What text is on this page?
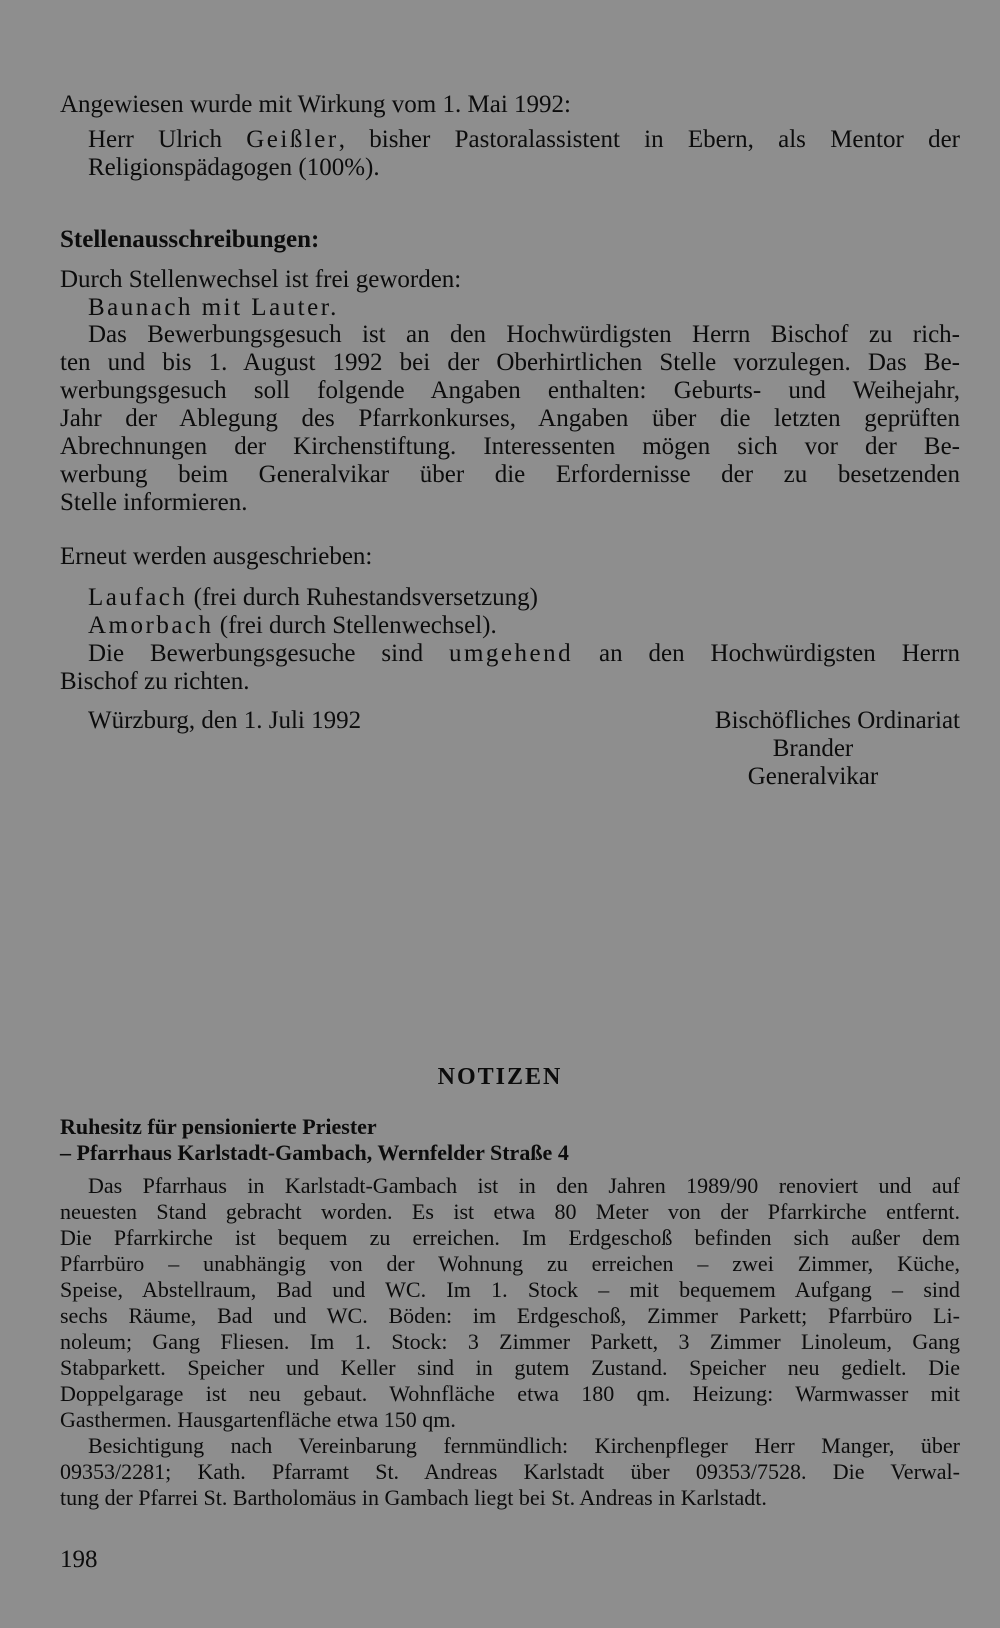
Angewiesen wurde mit Wirkung vom 1. Mai 1992:
Herr Ulrich Geißler, bisher Pastoralassistent in Ebern, als Mentor der
Religionspädagogen (100%).
Stellenausschreibungen:
Durch Stellenwechsel ist frei geworden:
Baunach mit Lauter.
Das Bewerbungsgesuch ist an den Hochwürdigsten Herrn Bischof zu rich-
ten und bis 1. August 1992 bei der Oberhirtlichen Stelle vorzulegen. Das Be-
werbungsgesuch soll folgende Angaben enthalten: Geburts- und Weihejahr,
Jahr der Ablegung des Pfarrkonkurses, Angaben über die letzten geprüften
Abrechnungen der Kirchenstiftung. Interessenten mögen sich vor der Be-
werbung beim Generalvikar über die Erfordernisse der zu besetzenden
Stelle informieren.
Erneut werden ausgeschrieben:
Laufach (frei durch Ruhestandsversetzung)
Amorbach (frei durch Stellenwechsel).
Die Bewerbungsgesuche sind umgehend an den Hochwürdigsten Herrn
Bischof zu richten.
Würzburg, den 1. Juli 1992	Bischöfliches Ordinariat
Brander
Generalvikar
NOTIZEN
Ruhesitz für pensionierte Priester
– Pfarrhaus Karlstadt-Gambach, Wernfelder Straße 4
Das Pfarrhaus in Karlstadt-Gambach ist in den Jahren 1989/90 renoviert und auf
neuesten Stand gebracht worden. Es ist etwa 80 Meter von der Pfarrkirche entfernt.
Die Pfarrkirche ist bequem zu erreichen. Im Erdgeschoß befinden sich außer dem
Pfarrbüro – unabhängig von der Wohnung zu erreichen – zwei Zimmer, Küche,
Speise, Abstellraum, Bad und WC. Im 1. Stock – mit bequemem Aufgang – sind
sechs Räume, Bad und WC. Böden: im Erdgeschoß, Zimmer Parkett; Pfarrbüro Li-
noleum; Gang Fliesen. Im 1. Stock: 3 Zimmer Parkett, 3 Zimmer Linoleum, Gang
Stabparkett. Speicher und Keller sind in gutem Zustand. Speicher neu gedielt. Die
Doppelgarage ist neu gebaut. Wohnfläche etwa 180 qm. Heizung: Warmwasser mit
Gasthermen. Hausgartenfläche etwa 150 qm.
Besichtigung nach Vereinbarung fernmündlich: Kirchenpfleger Herr Manger, über
09353/2281; Kath. Pfarramt St. Andreas Karlstadt über 09353/7528. Die Verwal-
tung der Pfarrei St. Bartholomäus in Gambach liegt bei St. Andreas in Karlstadt.
198
